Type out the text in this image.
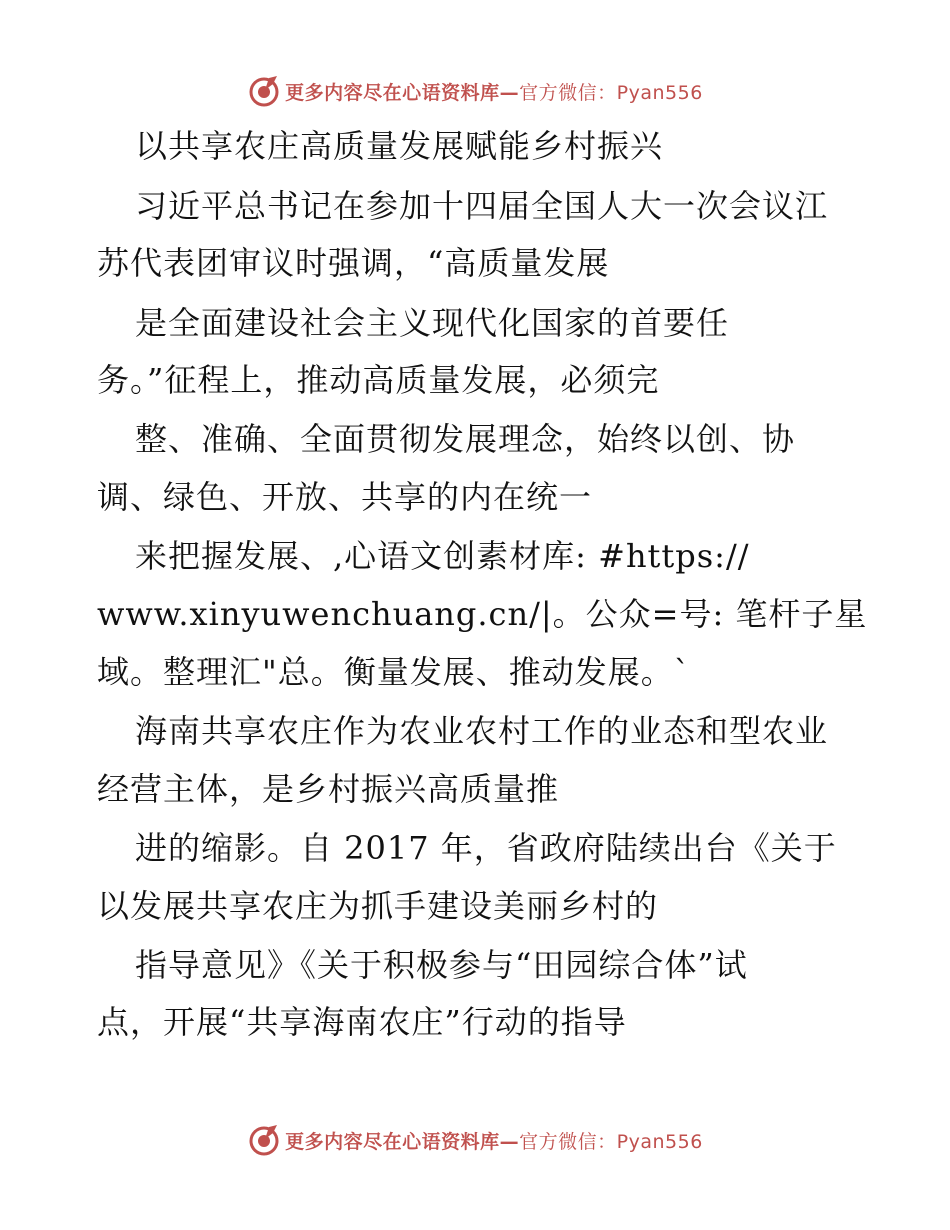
更多内容尽在心语资料库—官方微信：Pyan556
以共享农庄高质量发展赋能乡村振兴
习近平总书记在参加十四届全国人大一次会议江
苏代表团审议时强调，“高质量发展
是全面建设社会主义现代化国家的首要任
务。”征程上，推动高质量发展，必须完
整、准确、全面贯彻发展理念，始终以创、协
调、绿色、开放、共享的内在统一
来把握发展、,心语文创素材库: #https://
www.xinyuwenchuang.cn/|。公众=号: 笔杆子星
域。整理汇"总。衡量发展、推动发展。`
海南共享农庄作为农业农村工作的业态和型农业
经营主体，是乡村振兴高质量推
进的缩影。自 2017 年，省政府陆续出台《关于
以发展共享农庄为抓手建设美丽乡村的
指导意见》《关于积极参与“田园综合体”试
点，开展“共享海南农庄”行动的指导
更多内容尽在心语资料库—官方微信：Pyan556
